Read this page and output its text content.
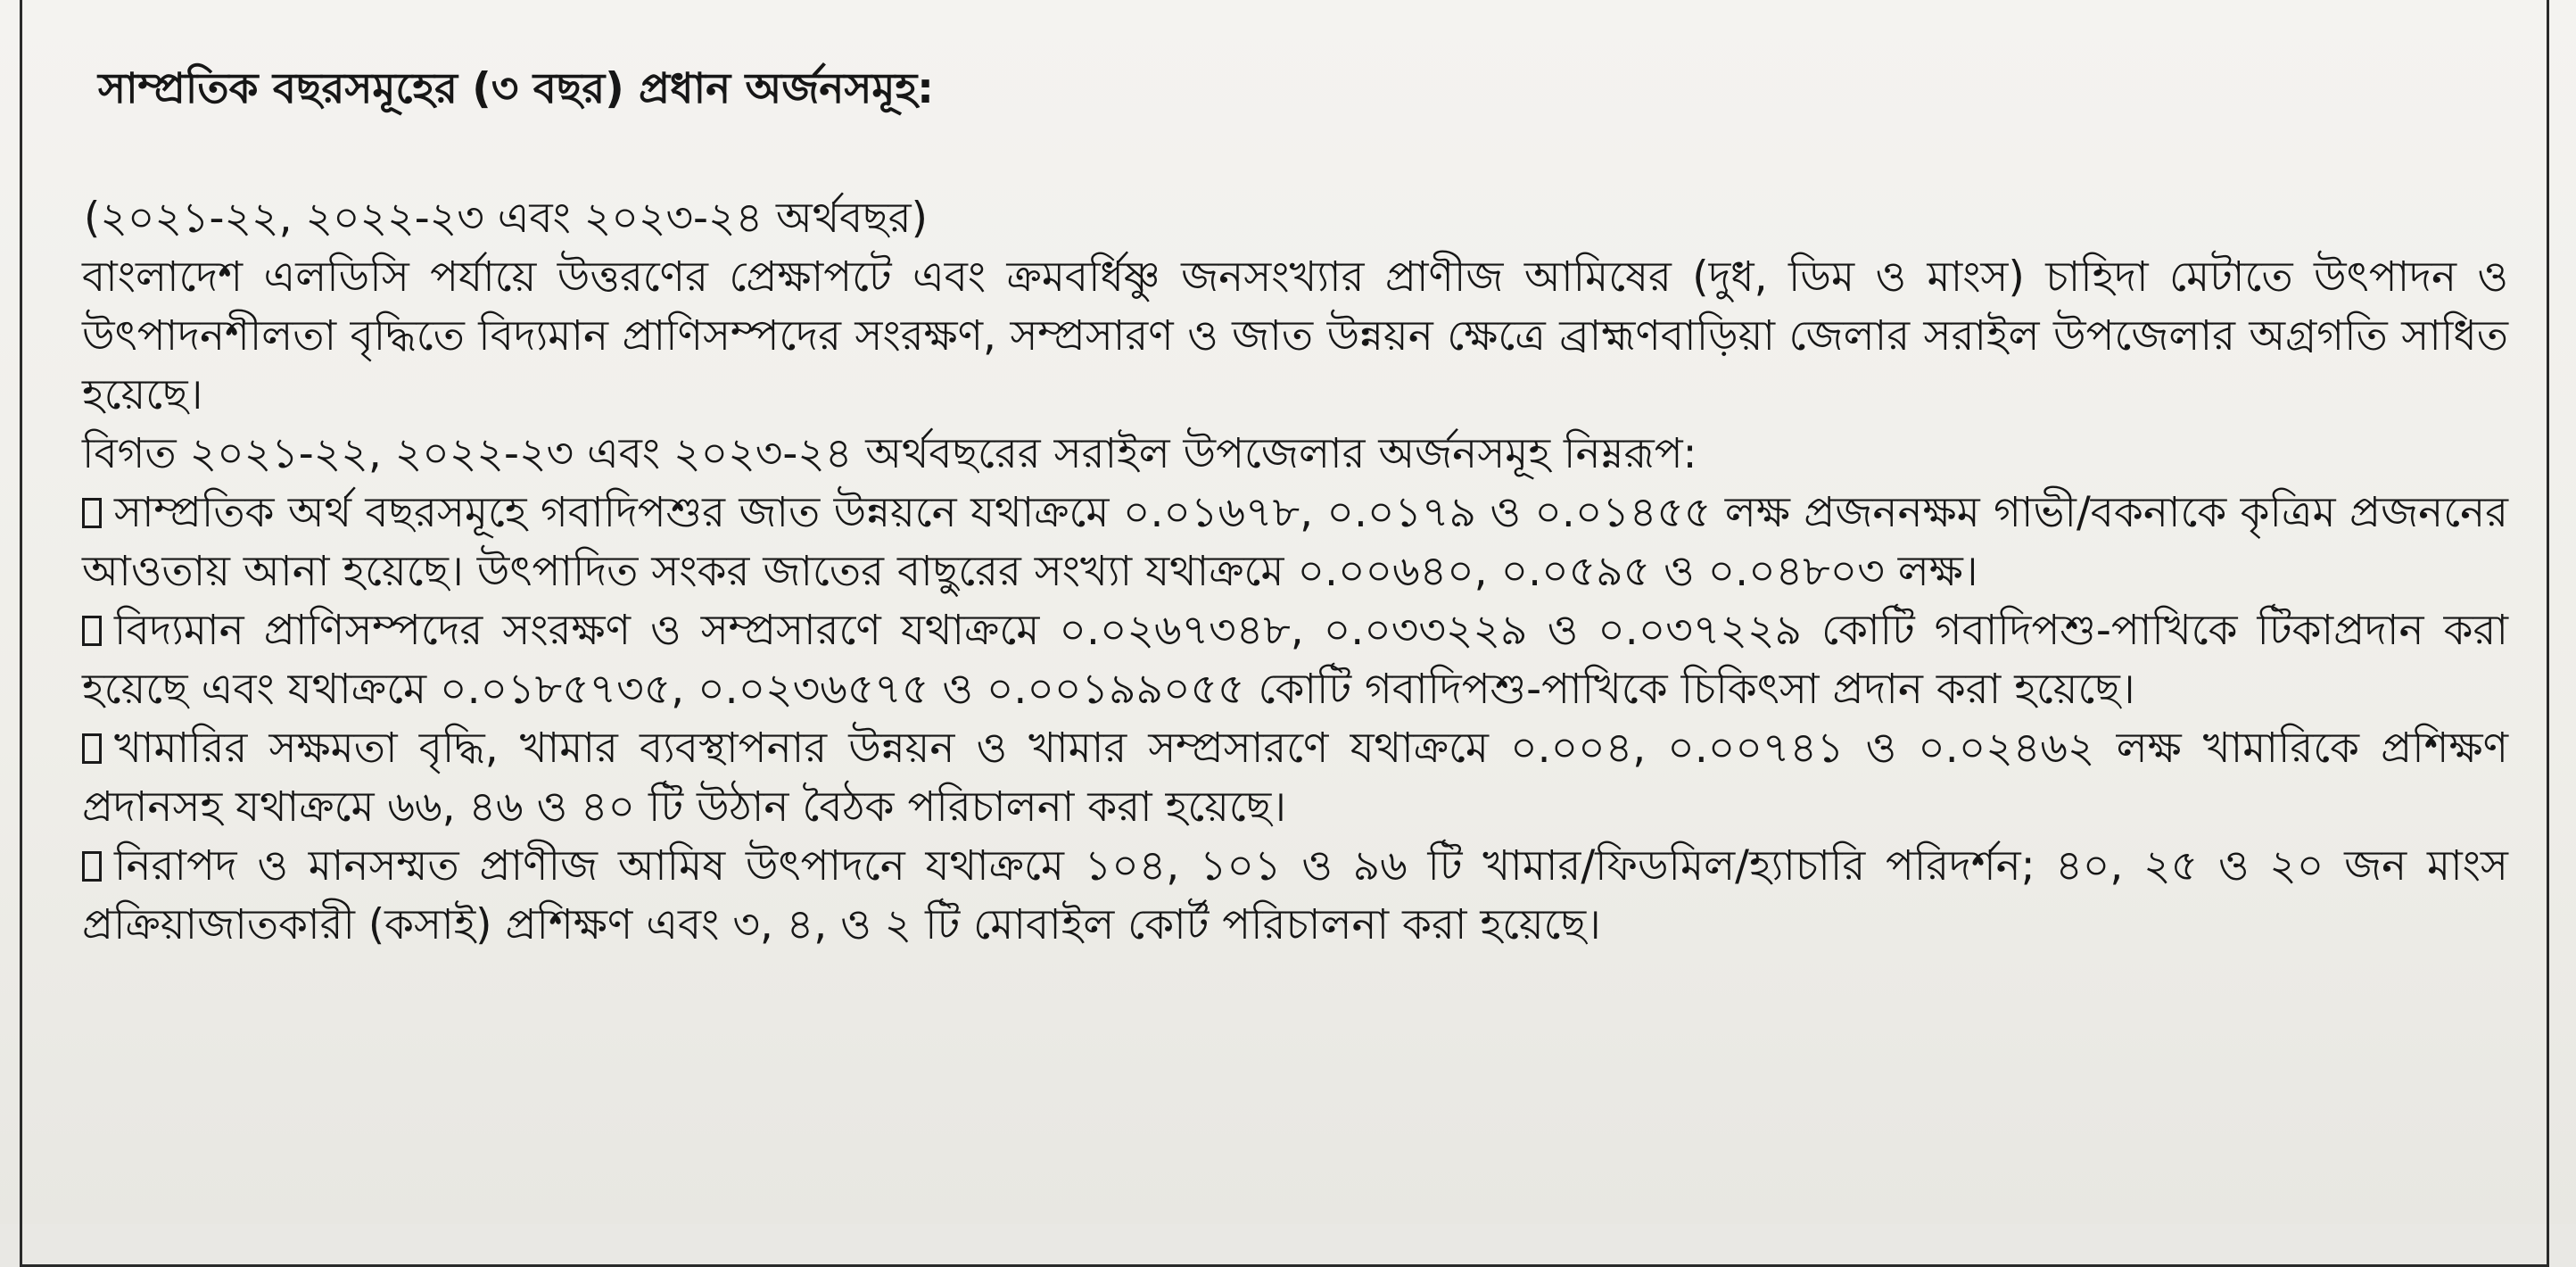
সাম্প্রতিক বছরসমূহের (৩ বছর) প্রধান অর্জনসমূহ:
(২০২১-২২, ২০২২-২৩ এবং ২০২৩-২৪ অর্থবছর)

বাংলাদেশ এলডিসি পর্যায়ে উত্তরণের প্রেক্ষাপটে এবং ক্রমবর্ধিষ্ণু জনসংখ্যার প্রাণীজ আমিষের (দুধ, ডিম ও মাংস) চাহিদা মেটাতে উৎপাদন ও উৎপাদনশীলতা বৃদ্ধিতে বিদ্যমান প্রাণিসম্পদের সংরক্ষণ, সম্প্রসারণ ও জাত উন্নয়ন ক্ষেত্রে ব্রাহ্মণবাড়িয়া জেলার সরাইল উপজেলার অগ্রগতি সাধিত হয়েছে।

বিগত ২০২১-২২, ২০২২-২৩ এবং ২০২৩-২৪ অর্থবছরের সরাইল উপজেলার অর্জনসমূহ নিম্নরূপ:

সাম্প্রতিক অর্থ বছরসমূহে গবাদিপশুর জাত উন্নয়নে যথাক্রমে ০.০১৬৭৮, ০.০১৭৯ ও ০.০১৪৫৫ লক্ষ প্রজননক্ষম গাভী/বকনাকে কৃত্রিম প্রজননের আওতায় আনা হয়েছে। উৎপাদিত সংকর জাতের বাছুরের সংখ্যা যথাক্রমে ০.০০৬৪০, ০.০৫৯৫ ও ০.০৪৮০৩ লক্ষ।

বিদ্যমান প্রাণিসম্পদের সংরক্ষণ ও সম্প্রসারণে যথাক্রমে ০.০২৬৭৩৪৮, ০.০৩৩২২৯ ও ০.০৩৭২২৯ কোটি গবাদিপশু-পাখিকে টিকাপ্রদান করা হয়েছে এবং যথাক্রমে ০.০১৮৫৭৩৫, ০.০২৩৬৫৭৫ ও ০.০০১৯৯০৫৫ কোটি গবাদিপশু-পাখিকে চিকিৎসা প্রদান করা হয়েছে।

খামারির সক্ষমতা বৃদ্ধি, খামার ব্যবস্থাপনার উন্নয়ন ও খামার সম্প্রসারণে যথাক্রমে ০.০০৪, ০.০০৭৪১ ও ০.০২৪৬২ লক্ষ খামারিকে প্রশিক্ষণ প্রদানসহ যথাক্রমে ৬৬, ৪৬ ও ৪০ টি উঠান বৈঠক পরিচালনা করা হয়েছে।

নিরাপদ ও মানসম্মত প্রাণীজ আমিষ উৎপাদনে যথাক্রমে ১০৪, ১০১ ও ৯৬ টি খামার/ফিডমিল/হ্যাচারি পরিদর্শন; ৪০, ২৫ ও ২০ জন মাংস প্রক্রিয়াজাতকারী (কসাই) প্রশিক্ষণ এবং ৩, ৪, ও ২ টি মোবাইল কোর্ট পরিচালনা করা হয়েছে।
